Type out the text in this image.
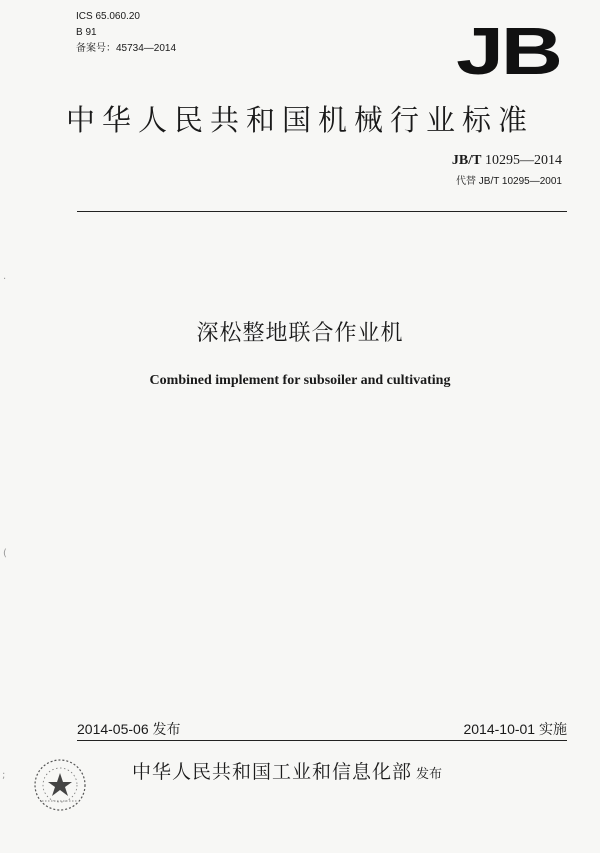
ICS 65.060.20
B 91
备案号：45734—2014	JB
中华人民共和国机械行业标准
JB/T 10295—2014
代替 JB/T 10295—2001
深松整地联合作业机
Combined implement for subsoiler and cultivating
2014-05-06 发布	2014-10-01 实施
中华人民共和国工业和信息化部 发布
·
(
;
